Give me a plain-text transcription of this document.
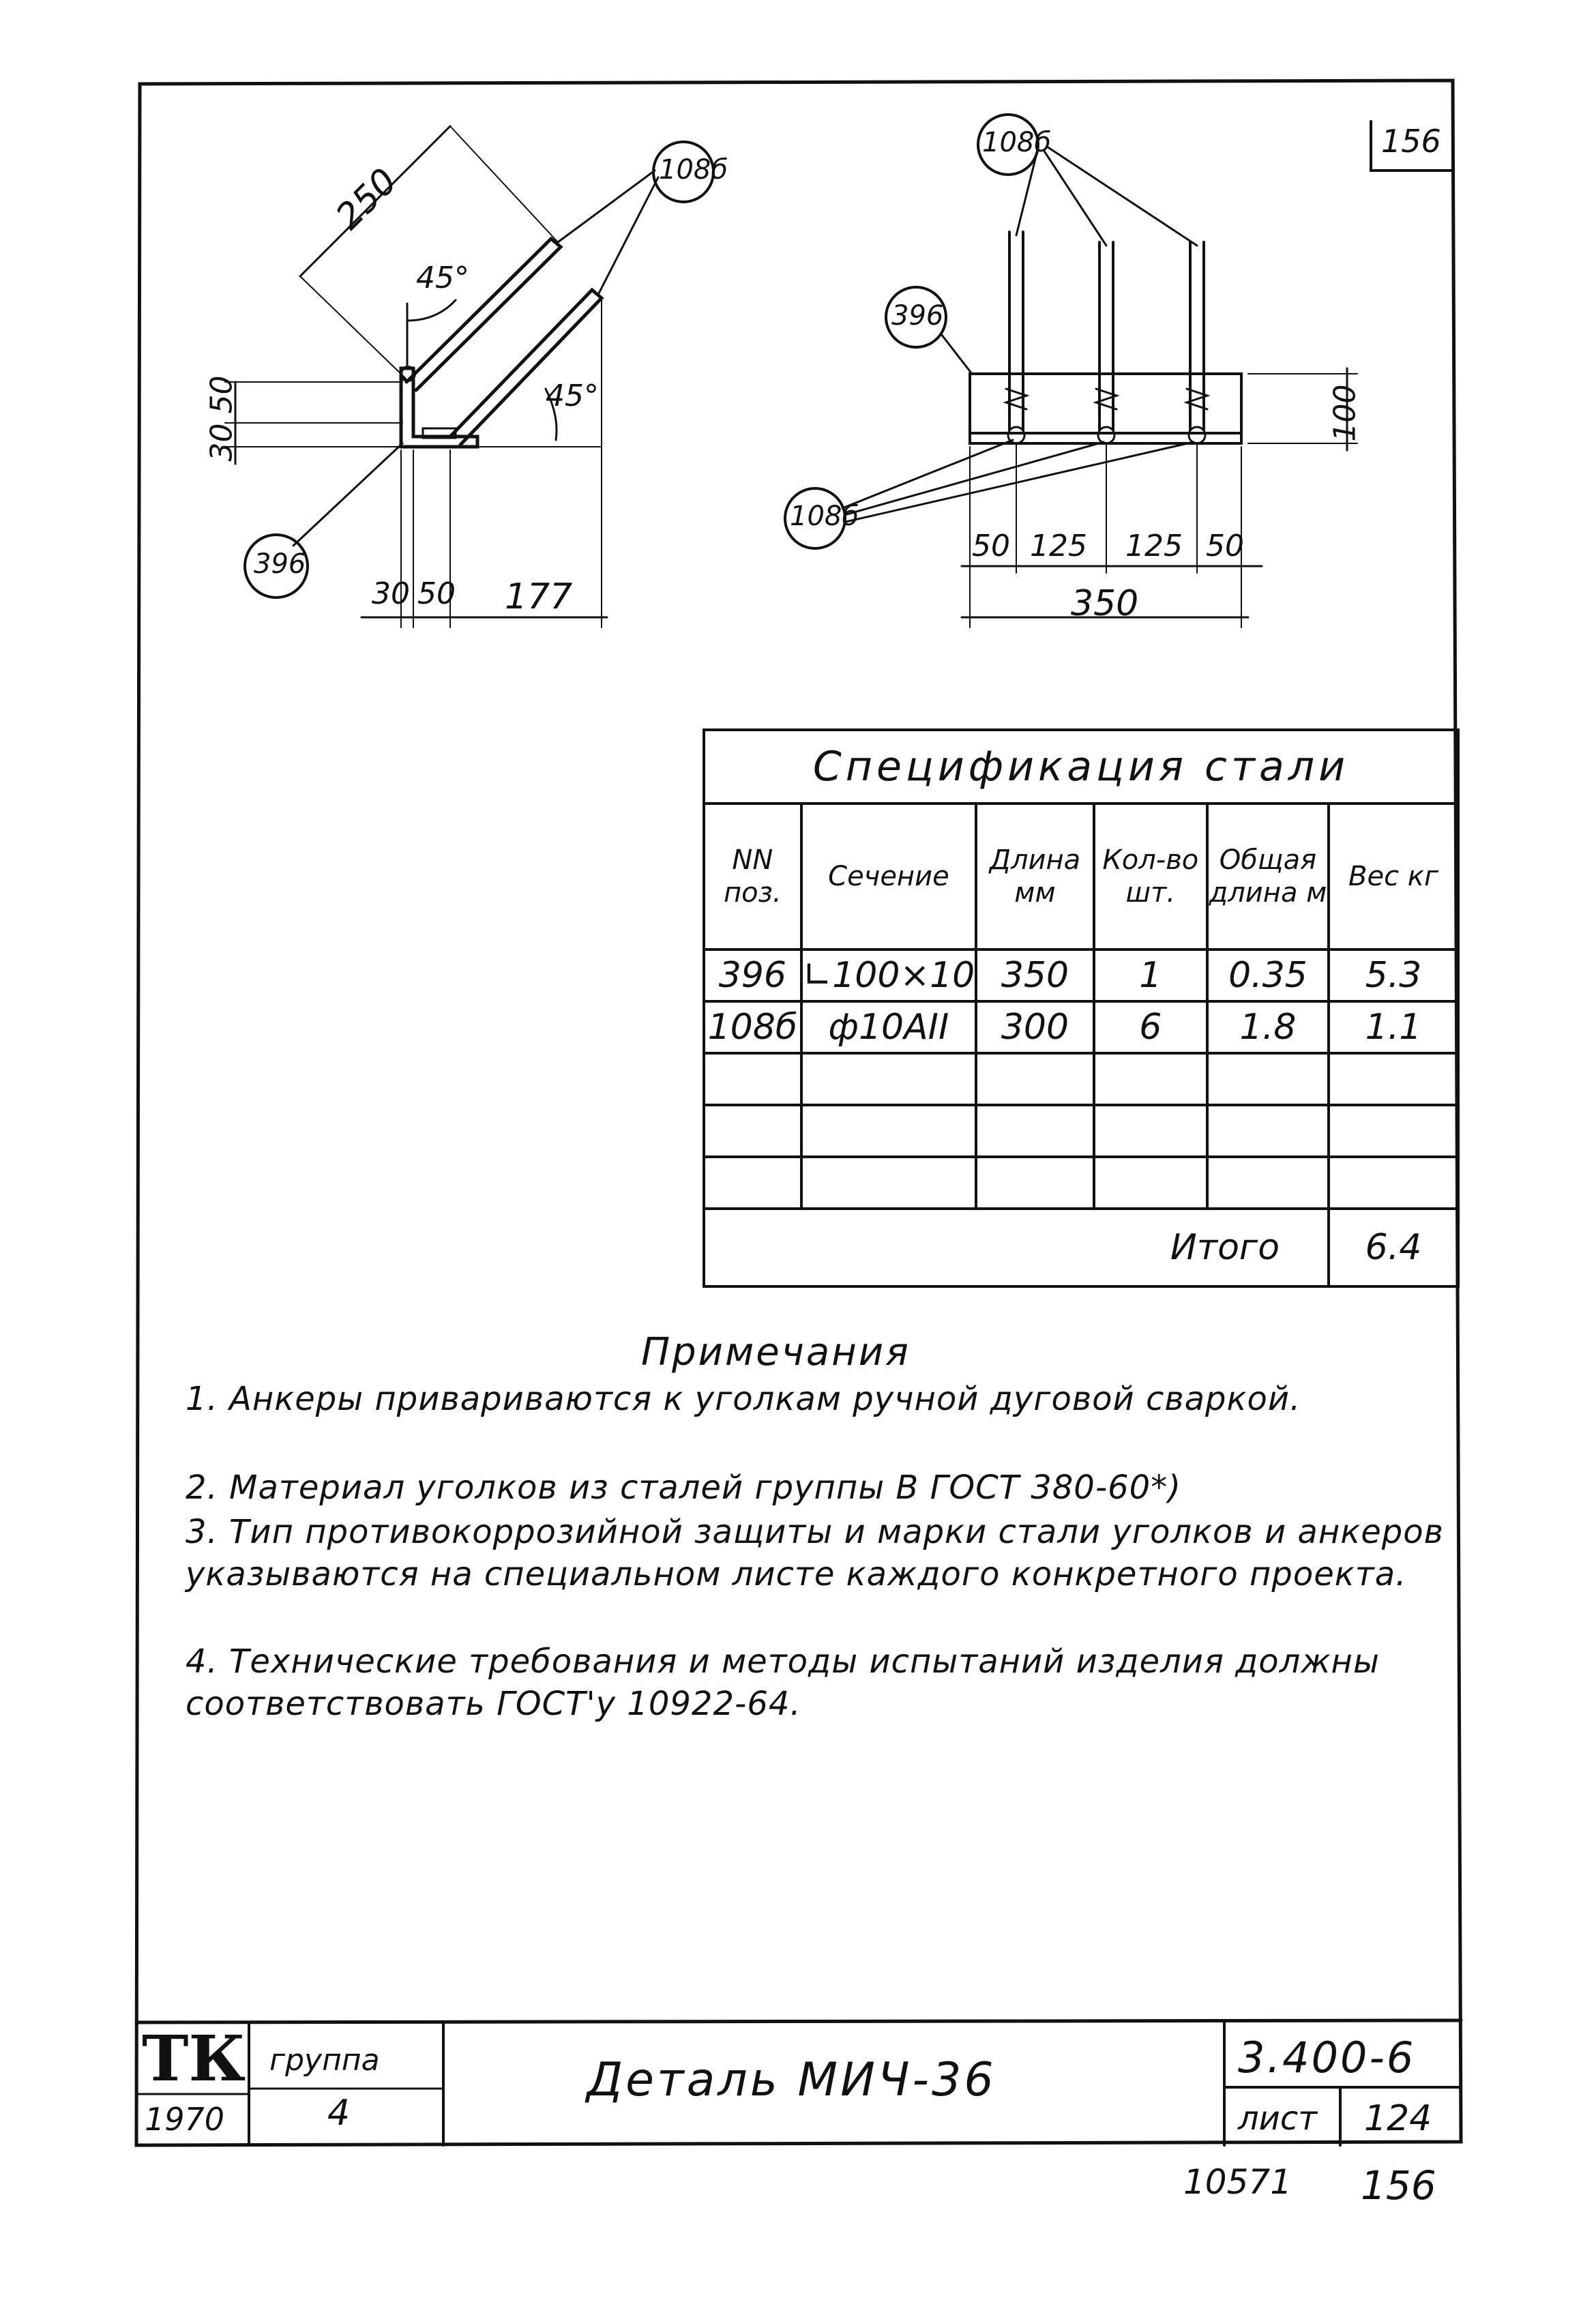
156
250
45°
45°
30 50
108б
396
30 50 177
108б
396
108б
100
50 125 125 50
350
Спецификация стали					
NN поз.	Сечение	Длина мм	Кол-во шт.	Общая длина м	Вес кг
396	∟100×10	350	1	0.35	5.3
108б	ф10АII	300	6	1.8	1.1

Итого					6.4
Примечания
1. Анкеры привариваются к уголкам ручной дуговой сваркой.
2. Материал уголков из сталей группы В ГОСТ 380-60*)
3. Тип противокоррозийной защиты и марки стали уголков и анкеров указываются на специальном листе каждого конкретного проекта.
4. Технические требования и методы испытаний изделия должны соответствовать ГОСТ'у 10922-64.
ТК
1970
группа
4
Деталь МИЧ-36	3.400-6
лист 124
10571 156
